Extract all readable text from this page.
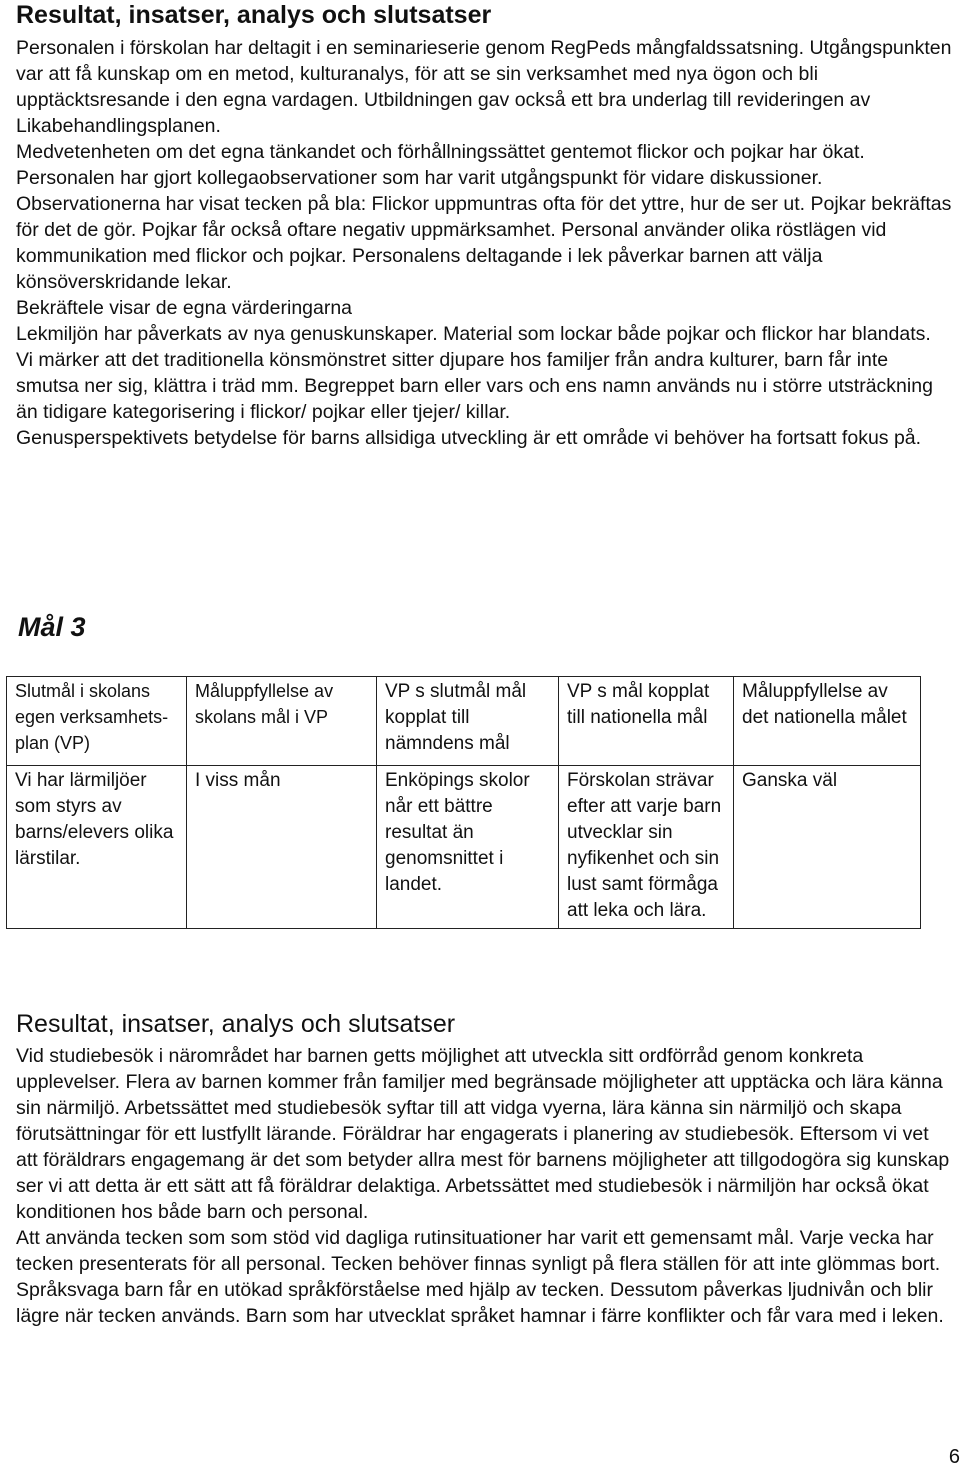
Resultat, insatser, analys och slutsatser

Personalen i förskolan har deltagit i en seminarieserie genom RegPeds mångfaldssatsning. Utgångspunkten var att få kunskap om en metod, kulturanalys, för att se sin verksamhet med nya ögon och bli upptäcktsresande i den egna vardagen. Utbildningen gav också ett bra underlag till revideringen av Likabehandlingsplanen.

Medvetenheten om det egna tänkandet och förhållningssättet gentemot flickor och pojkar har ökat.

Personalen har gjort kollegaobservationer som har varit utgångspunkt för vidare diskussioner. Observationerna har visat tecken på bla: Flickor uppmuntras ofta för det yttre, hur de ser ut. Pojkar bekräftas för det de gör. Pojkar får också oftare negativ uppmärksamhet. Personal använder olika röstlägen vid kommunikation med flickor och pojkar. Personalens deltagande i lek påverkar barnen att välja könsöverskridande lekar.

Bekräftele visar de egna värderingarna

Lekmiljön har påverkats av nya genuskunskaper. Material som lockar både pojkar och flickor har blandats. Vi märker att det traditionella könsmönstret sitter djupare hos familjer från andra kulturer, barn får inte smutsa ner sig, klättra i träd mm. Begreppet barn eller vars och ens namn används nu i större utsträckning än tidigare kategorisering i flickor/ pojkar eller tjejer/ killar.

Genusperspektivets betydelse för barns allsidiga utveckling är ett område vi behöver ha fortsatt fokus på.

Mål 3
Slutmål i skolans egen verksamhets-plan (VP)	Måluppfyllelse av skolans mål i VP	VP s slutmål mål kopplat till nämndens mål	VP s mål kopplat till nationella mål	Måluppfyllelse av det nationella målet
Vi har lärmiljöer som styrs av barns/elevers olika lärstilar.	I viss mån	Enköpings skolor når ett bättre resultat än genomsnittet i landet.	Förskolan strävar efter att varje barn utvecklar sin nyfikenhet och sin lust samt förmåga att leka och lära.	Ganska väl
Resultat, insatser, analys och slutsatser

Vid studiebesök i närområdet har barnen getts möjlighet att utveckla sitt ordförråd genom konkreta upplevelser. Flera av barnen kommer från familjer med begränsade möjligheter att upptäcka och lära känna sin närmiljö. Arbetssättet med studiebesök syftar till att vidga vyerna, lära känna sin närmiljö och skapa förutsättningar för ett lustfyllt lärande. Föräldrar har engagerats i planering av studiebesök. Eftersom vi vet att föräldrars engagemang är det som betyder allra mest för barnens möjligheter att tillgodogöra sig kunskap ser vi att detta är ett sätt att få föräldrar delaktiga. Arbetssättet med studiebesök i närmiljön har också ökat konditionen hos både barn och personal.

Att använda tecken som som stöd vid dagliga rutinsituationer har varit ett gemensamt mål. Varje vecka har tecken presenterats för all personal. Tecken behöver finnas synligt på flera ställen för att inte glömmas bort. Språksvaga barn får en utökad språkförståelse med hjälp av tecken. Dessutom påverkas ljudnivån och blir lägre när tecken används. Barn som har utvecklat språket hamnar i färre konflikter och får vara med i leken.

6
